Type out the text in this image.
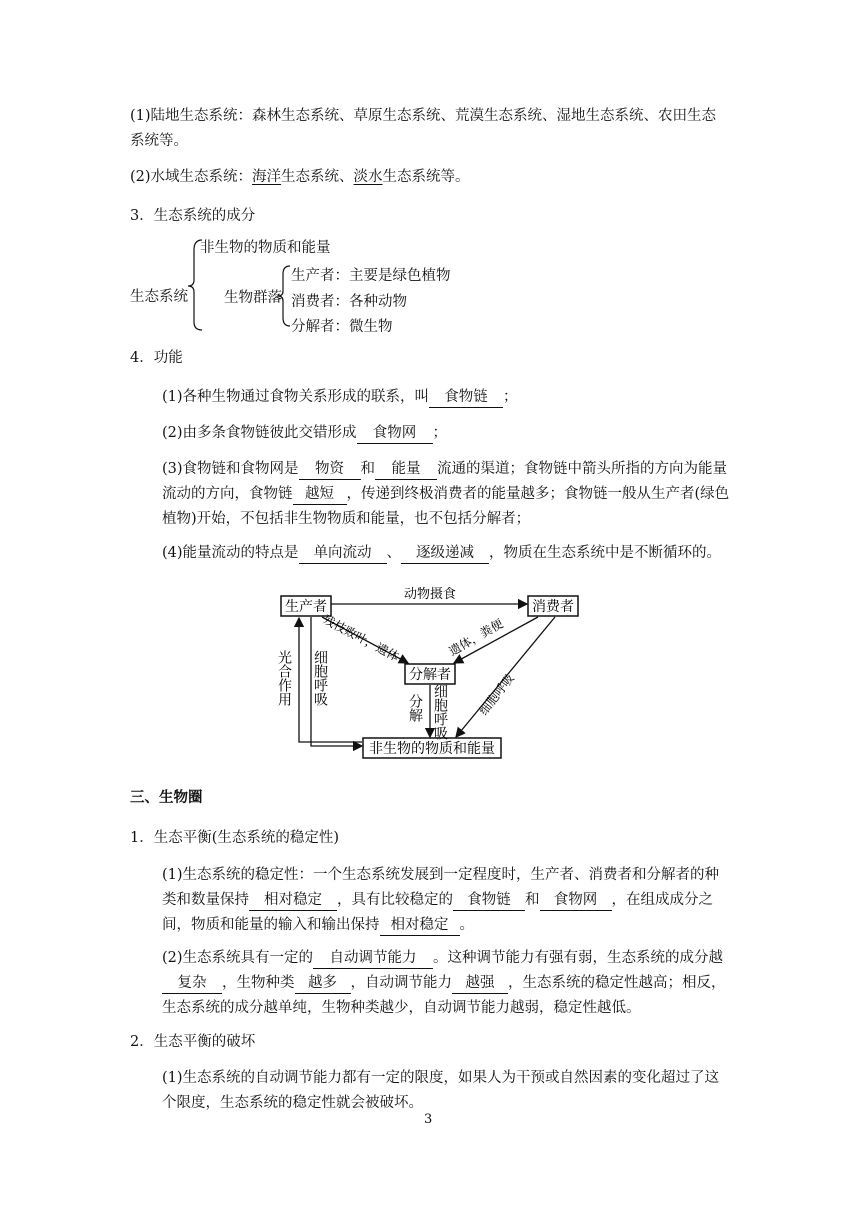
(1)陆地生态系统：森林生态系统、草原生态系统、荒漠生态系统、湿地生态系统、农田生态系统等。
(2)水域生态系统：海洋生态系统、淡水生态系统等。
3．生态系统的成分
生态系统
非生物的物质和能量
生物群落
生产者：主要是绿色植物
消费者：各种动物
分解者：微生物
4．功能
(1)各种生物通过食物关系形成的联系，叫 食物链 ；
(2)由多条食物链彼此交错形成 食物网 ；
(3)食物链和食物网是 物资 和 能量 流通的渠道；食物链中箭头所指的方向为能量流动的方向，食物链 越短 ，传递到终极消费者的能量越多；食物链一般从生产者(绿色植物)开始，不包括非生物物质和能量，也不包括分解者；
(4)能量流动的特点是 单向流动 、 逐级递减 ，物质在生态系统中是不断循环的。
生产者	消费者
分解者
非生物的物质和能量
动物摄食
残枝败叶，遗体	遗体，粪便
细胞呼吸
光合作用 细胞呼吸
分解 细胞呼吸
三、生物圈
1．生态平衡(生态系统的稳定性)
(1)生态系统的稳定性：一个生态系统发展到一定程度时，生产者、消费者和分解者的种类和数量保持 相对稳定 ，具有比较稳定的 食物链 和 食物网 ，在组成成分之间，物质和能量的输入和输出保持 相对稳定 。
(2)生态系统具有一定的 自动调节能力 。这种调节能力有强有弱，生态系统的成分越复杂 ，生物种类 越多 ，自动调节能力 越强 ，生态系统的稳定性越高；相反，生态系统的成分越单纯，生物种类越少，自动调节能力越弱，稳定性越低。
2．生态平衡的破坏
(1)生态系统的自动调节能力都有一定的限度，如果人为干预或自然因素的变化超过了这个限度，生态系统的稳定性就会被破坏。
3
